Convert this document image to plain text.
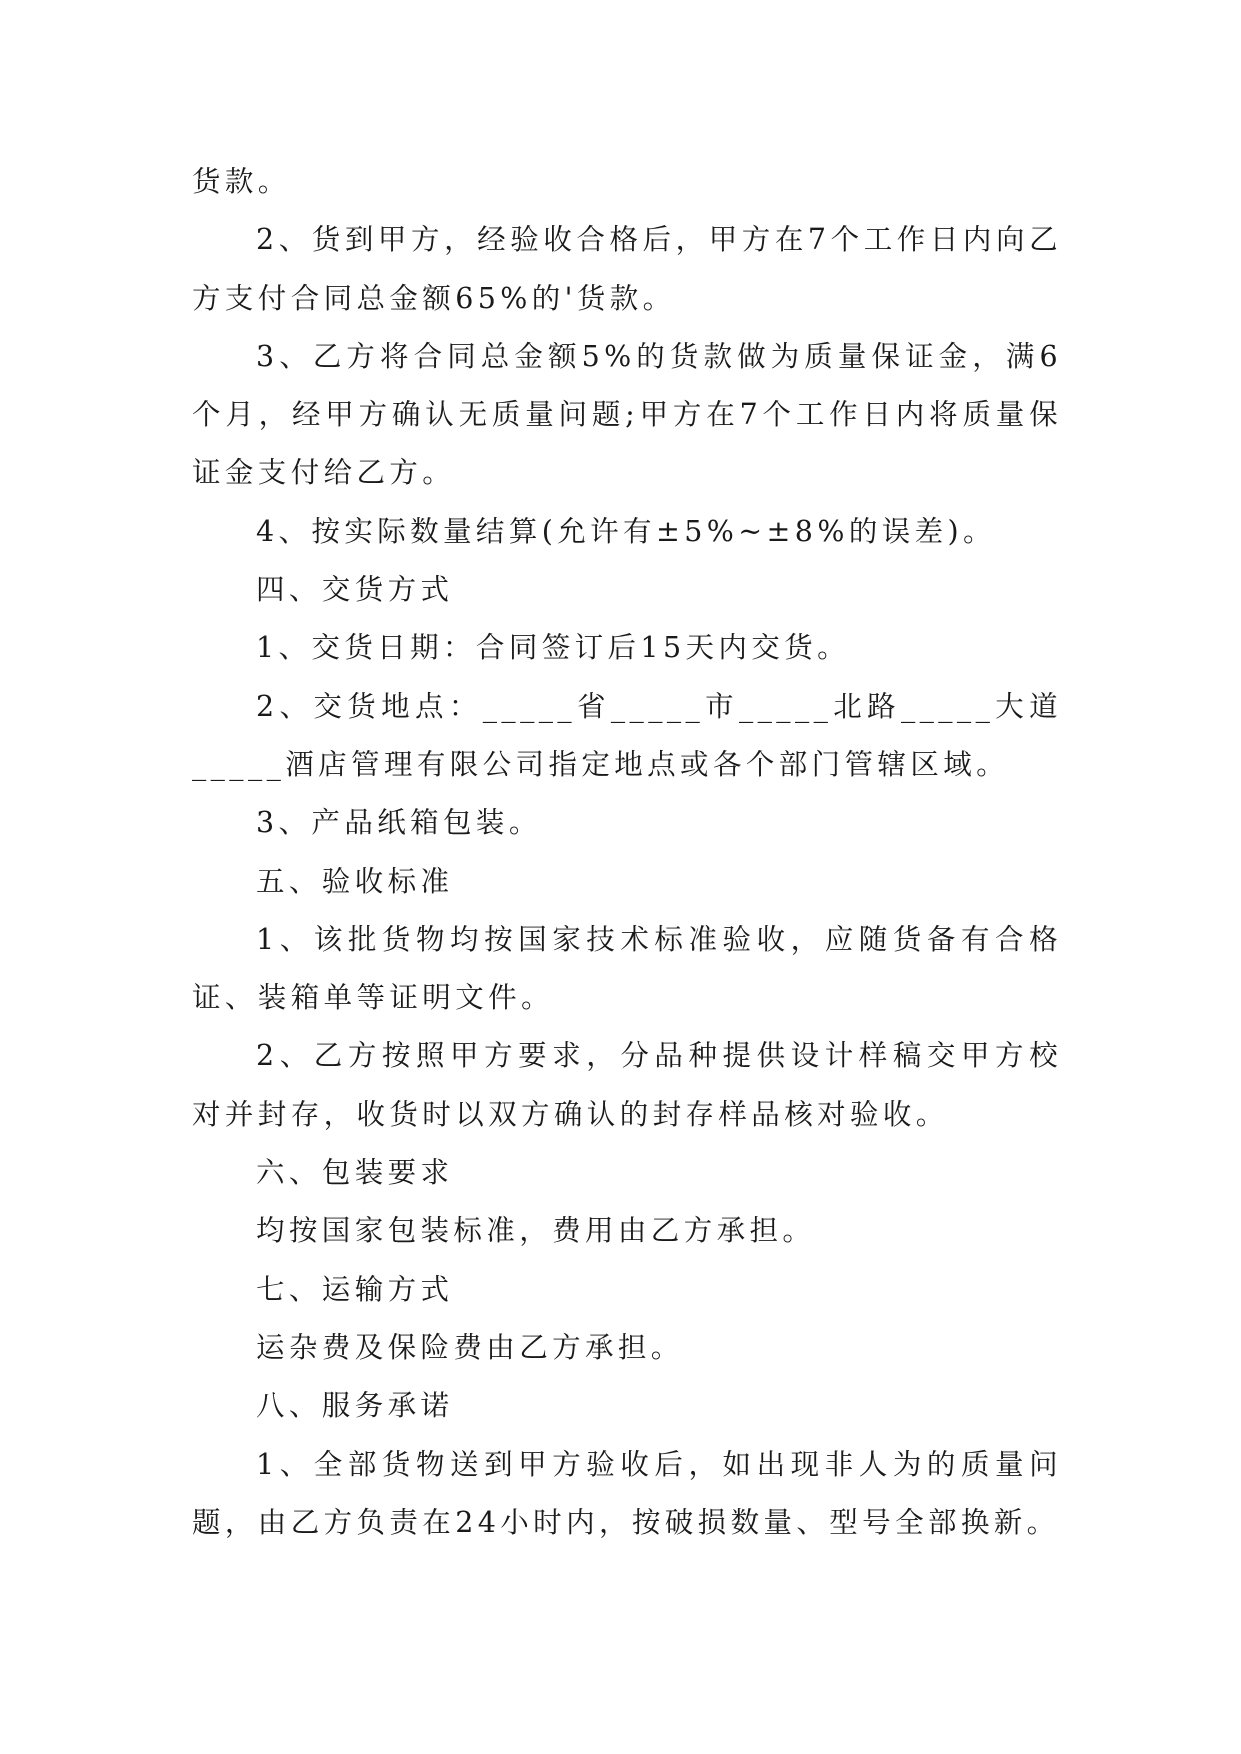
货款。

2、货到甲方，经验收合格后，甲方在7个工作日内向乙方支付合同总金额65%的'货款。

3、乙方将合同总金额5%的货款做为质量保证金，满6个月，经甲方确认无质量问题;甲方在7个工作日内将质量保证金支付给乙方。

4、按实际数量结算(允许有±5%~±8%的误差)。

四、交货方式

1、交货日期：合同签订后15天内交货。

2、交货地点：_____省_____市_____北路_____大道_____酒店管理有限公司指定地点或各个部门管辖区域。

3、产品纸箱包装。

五、验收标准

1、该批货物均按国家技术标准验收，应随货备有合格证、装箱单等证明文件。

2、乙方按照甲方要求，分品种提供设计样稿交甲方校对并封存，收货时以双方确认的封存样品核对验收。

六、包装要求

均按国家包装标准，费用由乙方承担。

七、运输方式

运杂费及保险费由乙方承担。

八、服务承诺

1、全部货物送到甲方验收后，如出现非人为的质量问题，由乙方负责在24小时内，按破损数量、型号全部换新。
